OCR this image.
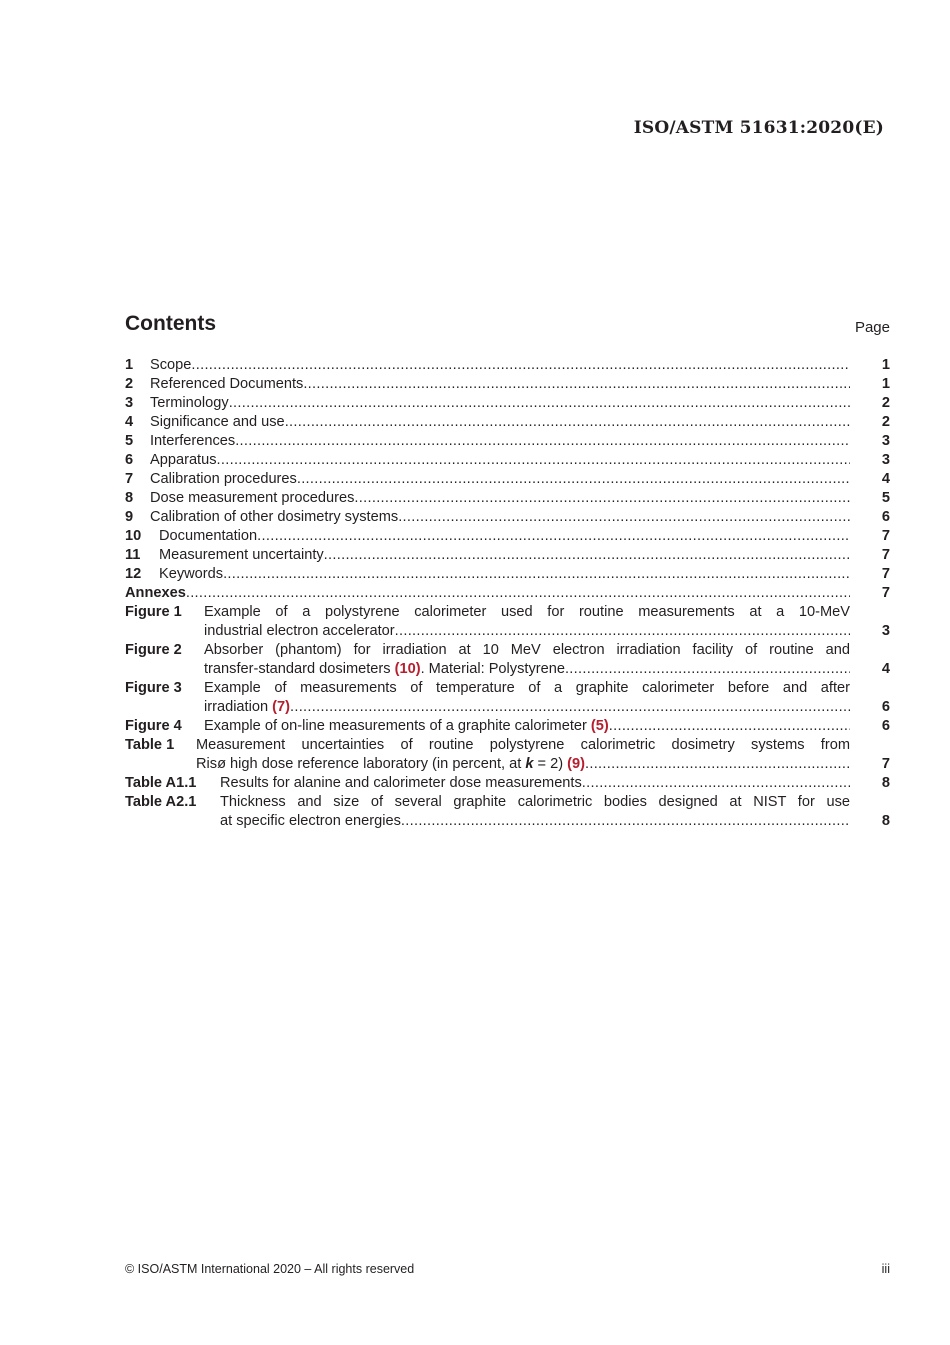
ISO/ASTM 51631:2020(E)
Contents	Page
1	Scope .....	1
2	Referenced Documents .....	1
3	Terminology .....	2
4	Significance and use .....	2
5	Interferences .....	3
6	Apparatus .....	3
7	Calibration procedures .....	4
8	Dose measurement procedures .....	5
9	Calibration of other dosimetry systems .....	6
10	Documentation .....	7
11	Measurement uncertainty .....	7
12	Keywords .....	7
Annexes .....	7
Figure 1	Example of a polystyrene calorimeter used for routine measurements at a 10-MeV
industrial electron accelerator .....	3
Figure 2	Absorber (phantom) for irradiation at 10 MeV electron irradiation facility of routine and
transfer-standard dosimeters (10). Material: Polystyrene .....	4
Figure 3	Example of measurements of temperature of a graphite calorimeter before and after
irradiation (7) .....	6
Figure 4	Example of on-line measurements of a graphite calorimeter (5) .....	6
Table 1	Measurement uncertainties of routine polystyrene calorimetric dosimetry systems from
Risø high dose reference laboratory (in percent, at k = 2) (9) .....	7
Table A1.1	Results for alanine and calorimeter dose measurements .....	8
Table A2.1	Thickness and size of several graphite calorimetric bodies designed at NIST for use
at specific electron energies .....	8
© ISO/ASTM International 2020 – All rights reserved	iii
